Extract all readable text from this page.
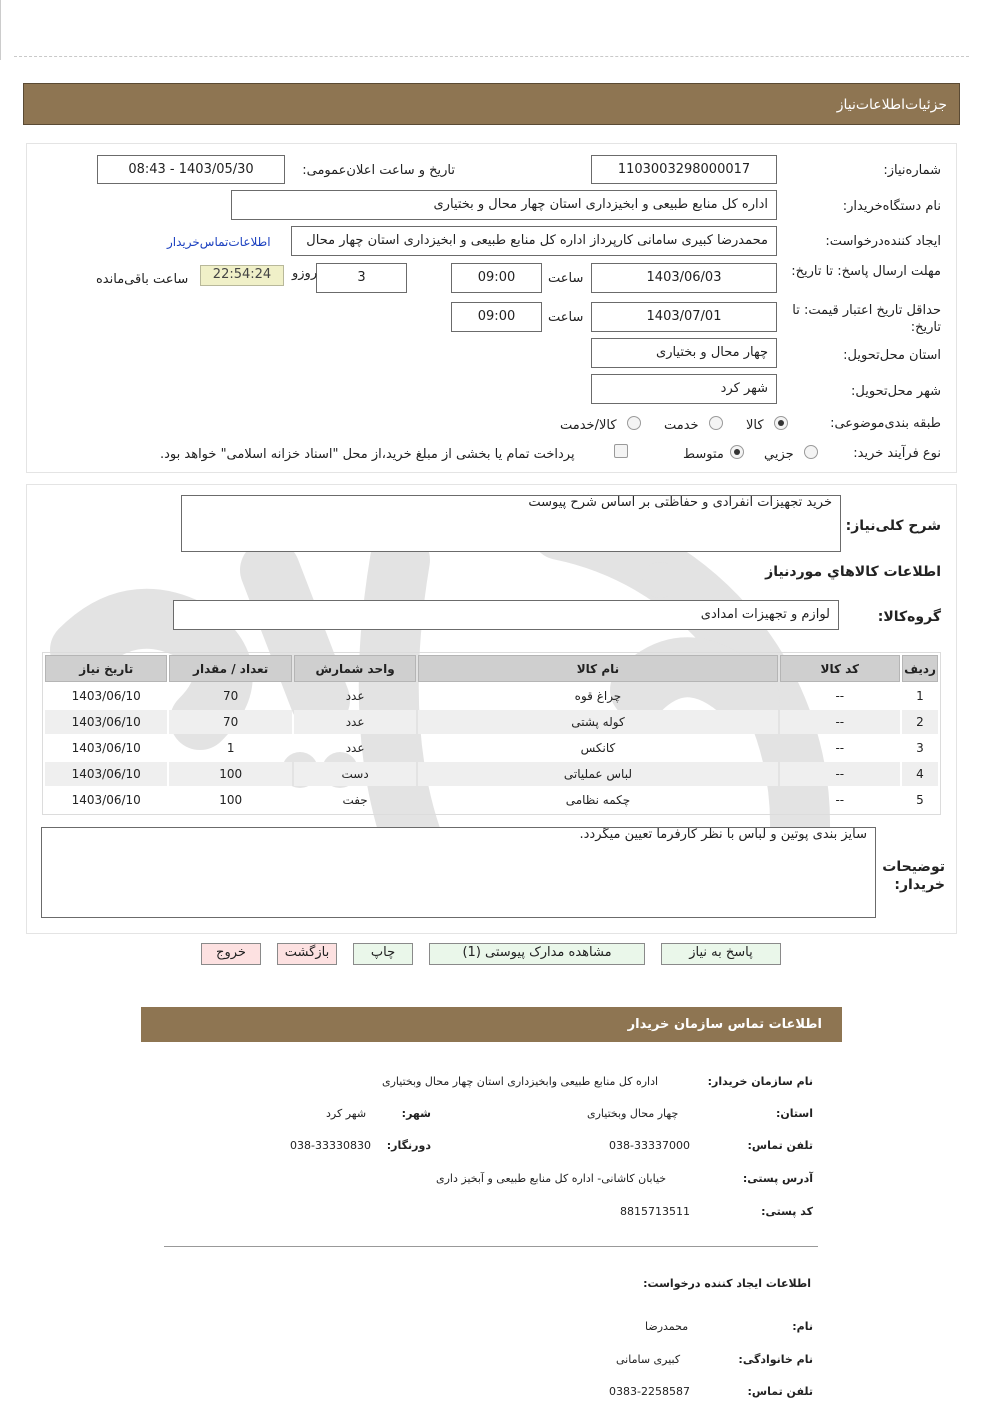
جزئیات‌اطلاعات‌نیاز
شماره‌نیاز:
1103003298000017
تاریخ و ساعت اعلان‌عمومی:
1403/05/30 - 08:43
نام دستگاه‌خریدار:
اداره کل منابع طبیعی و ابخیزداری استان چهار محال و بختیاری
ایجاد کننده‌درخواست:
محمدرضا کبیری سامانی کارپرداز اداره کل منابع طبیعی و ابخیزداری استان چهار محال
اطلاعات‌تماس‌خریدار
مهلت ارسال پاسخ: تا تاریخ:
1403/06/03
ساعت
09:00
3
روزو
22:54:24
ساعت باقی‌مانده
حداقل تاریخ اعتبار قیمت: تا تاریخ:
1403/07/01
ساعت
09:00
استان محل‌تحویل:
چهار محال و بختیاری
شهر محل‌تحویل:
شهر کرد
طبقه بندی‌موضوعی:
کالا
خدمت
کالا/خدمت
نوع فرآیند خرید:
جزیي
متوسط
پرداخت تمام یا بخشی از مبلغ خرید،از محل "اسناد خزانه اسلامی" خواهد بود.
شرح کلی‌نیاز:
خرید تجهیزات انفرادی و حفاظتی بر اساس شرح پیوست
اطلاعات کالاهاي مورد‌نیاز
گروه‌کالا:
لوازم و تجهیزات امدادی
ردیف	کد کالا	نام کالا	واحد شمارش	تعداد / مقدار	تاریخ نیاز
1	--	چراغ قوه	عدد	70	1403/06/10
2	--	کوله پشتی	عدد	70	1403/06/10
3	--	کانکس	عدد	1	1403/06/10
4	--	لباس عملیاتی	دست	100	1403/06/10
5	--	چکمه نظامی	جفت	100	1403/06/10
توضیحات خریدار:
سایز بندی پوتین و لباس با نظر کارفرما تعیین میگردد.
پاسخ به نیاز
مشاهده مدارک پیوستی (1)
چاپ
بازگشت
خروج
اطلاعات تماس سازمان خریدار
نام سازمان خریدار:
اداره کل منابع طبیعی وابخیزداری استان چهار محال وبختیاری
استان:
چهار محال وبختیاری
شهر:
شهر کرد
تلفن تماس:
038-33337000
دورنگار:
038-33330830
آدرس پستی:
خیابان کاشانی- اداره کل منابع طبیعی و آبخیز داری
کد پستی:
8815713511
اطلاعات ایجاد کننده درخواست:
نام:
محمدرضا
نام خانوادگی:
کبیری سامانی
تلفن تماس:
0383-2258587
